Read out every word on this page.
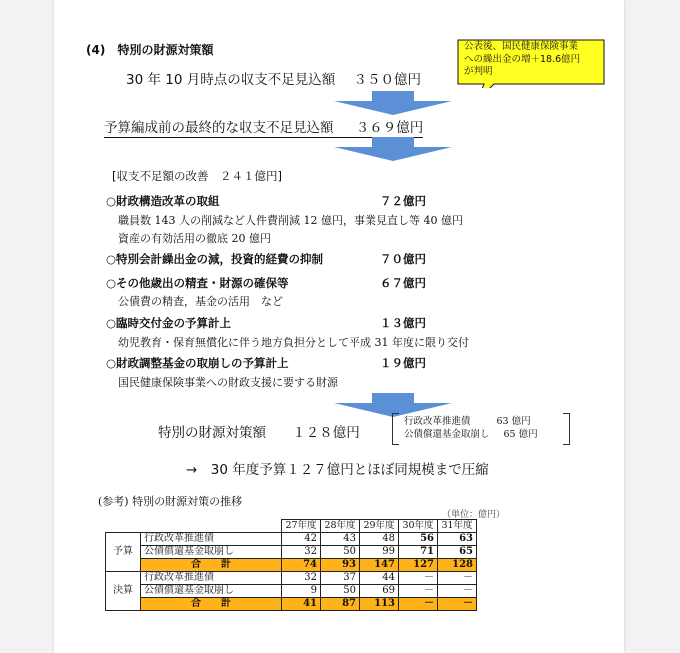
(4) 特別の財源対策額	公表後、国民健康保険事業
への繰出金の増＋18.6億円
が判明
30 年 10 月時点の収支不足見込額 ３５０億円
予算編成前の最終的な収支不足見込額 ３６９億円
[収支不足額の改善　２４１億円]
○財政構造改革の取組	７２億円
職員数 143 人の削減など人件費削減 12 億円，事業見直し等 40 億円
資産の有効活用の徹底 20 億円
○特別会計繰出金の減，投資的経費の抑制	７０億円
○その他歳出の精査・財源の確保等	６７億円
公債費の精査，基金の活用　など
○臨時交付金の予算計上	１３億円
幼児教育・保育無償化に伴う地方負担分として平成 31 年度に限り交付
○財政調整基金の取崩しの予算計上	１９億円
国民健康保険事業への財政支援に要する財源
特別の財源対策額 １２８億円
行政改革推進債	63 億円
公債償還基金取崩し 65 億円
→　30 年度予算１２７億円とほぼ同規模まで圧縮
(参考) 特別の財源対策の推移
（単位：億円）
		27年度	28年度	29年度	30年度	31年度
予算	行政改革推進債	42	43	48	56	63
	公債償還基金取崩し	32	50	99	71	65
	合　　計	74	93	147	127	128
決算	行政改革推進債	32	37	44	－	－
	公債償還基金取崩し	9	50	69	－	－
	合　　計	41	87	113	－	－
